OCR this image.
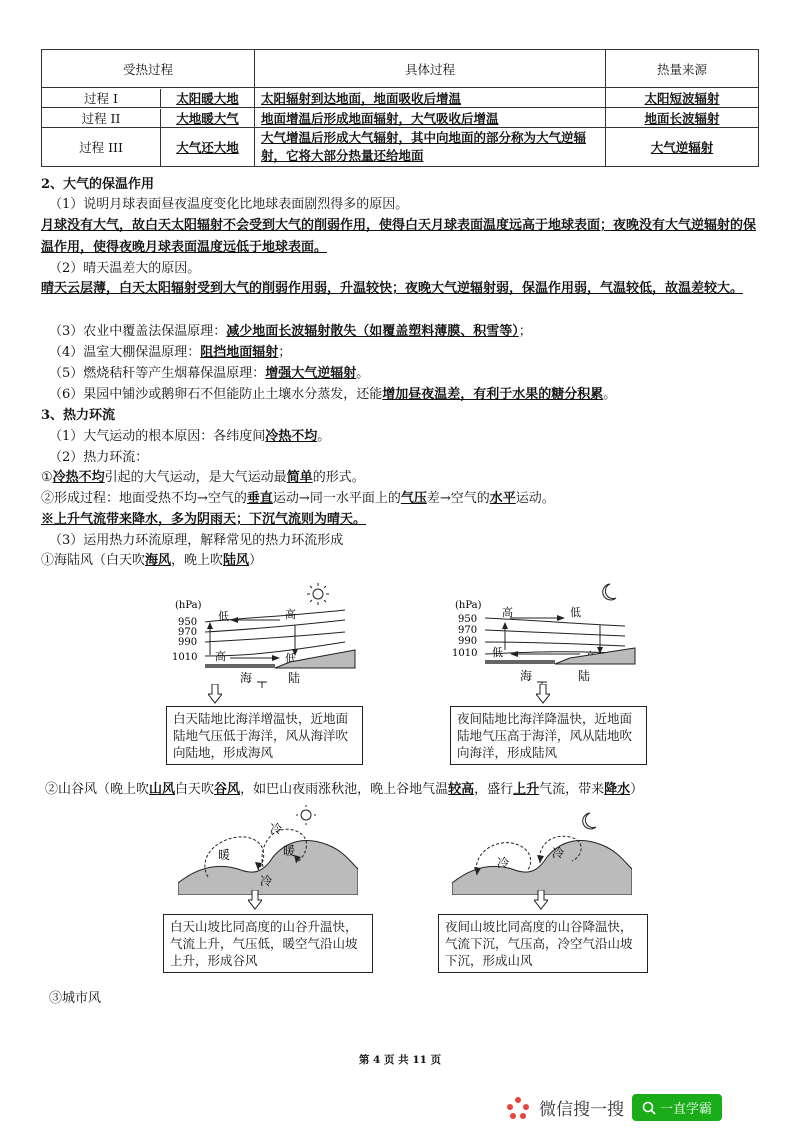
受热过程	具体过程	热量来源

过程 I 太阳暖大地	太阳辐射到达地面，地面吸收后增温	太阳短波辐射

过程 II 大地暖大气	地面增温后形成地面辐射，大气吸收后增温	地面长波辐射

过程 III 大气还大地	大气增温后形成大气辐射，其中向地面的部分称为大气逆辐射，它将大部分热量还给地面	大气逆辐射
2、大气的保温作用
（1）说明月球表面昼夜温度变化比地球表面剧烈得多的原因。
月球没有大气，故白天太阳辐射不会受到大气的削弱作用，使得白天月球表面温度远高于地球表面；夜晚没有大气逆辐射的保温作用，使得夜晚月球表面温度远低于地球表面。
（2）晴天温差大的原因。
晴天云层薄，白天太阳辐射受到大气的削弱作用弱，升温较快；夜晚大气逆辐射弱，保温作用弱，气温较低，故温差较大。
（3）农业中覆盖法保温原理：减少地面长波辐射散失（如覆盖塑料薄膜、积雪等）；
（4）温室大棚保温原理：阻挡地面辐射；
（5）燃烧秸秆等产生烟幕保温原理：增强大气逆辐射。
（6）果园中铺沙或鹅卵石不但能防止土壤水分蒸发，还能增加昼夜温差，有利于水果的糖分积累。
3、热力环流
（1）大气运动的根本原因：各纬度间冷热不均。
（2）热力环流：
①冷热不均引起的大气运动，是大气运动最简单的形式。
②形成过程：地面受热不均→空气的垂直运动→同一水平面上的气压差→空气的水平运动。
※上升气流带来降水，多为阴雨天；下沉气流则为晴天。
（3）运用热力环流原理，解释常见的热力环流形成
①海陆风（白天吹海风，晚上吹陆风）
(hPa)
950
970
990
1010
低	高
高	低
海	陆
白天陆地比海洋增温快，近地面陆地气压低于海洋，风从海洋吹向陆地，形成海风
(hPa)
950
970
990
1010
高	低
低
海	陆
夜间陆地比海洋降温快，近地面陆地气压高于海洋，风从陆地吹向海洋，形成陆风
②山谷风（晚上吹山风白天吹谷风，如巴山夜雨涨秋池，晚上谷地气温较高，盛行上升气流，带来降水）
冷
暖	暖
冷
白天山坡比同高度的山谷升温快，气流上升，气压低，暖空气沿山坡上升，形成谷风
冷
冷
夜间山坡比同高度的山谷降温快，气流下沉，气压高，冷空气沿山坡下沉，形成山风
③城市风
第 4 页 共 11 页
微信搜一搜	一直学霸
